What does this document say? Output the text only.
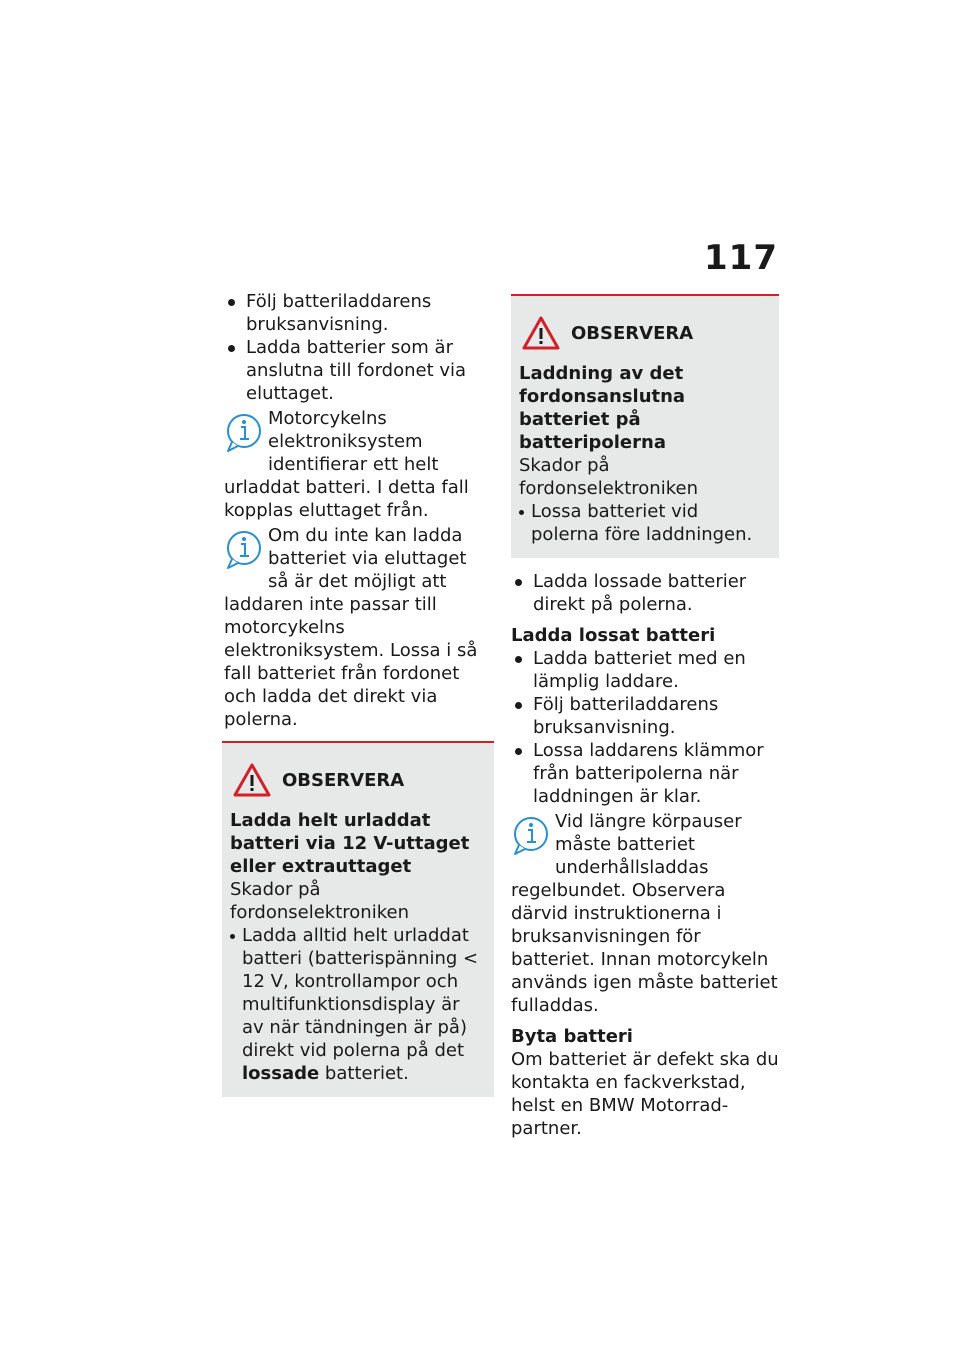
117

Följ batteriladdarens bruksanvisning.

Ladda batterier som är anslutna till fordonet via eluttaget.

Motorcykelns elektroniksystem identifierar ett helt urladdat batteri. I detta fall kopplas eluttaget från.

Om du inte kan ladda batteriet via eluttaget så är det möjligt att laddaren inte passar till motorcykelns elektroniksystem. Lossa i så fall batteriet från fordonet och ladda det direkt via polerna.

OBSERVERA
Ladda helt urladdat batteri via 12 V-uttaget eller extrauttaget
Skador på fordonselektroniken
Ladda alltid helt urladdat batteri (batterispänning < 12 V, kontrollampor och multifunktionsdisplay är av när tändningen är på) direkt vid polerna på det lossade batteriet.
OBSERVERA
Laddning av det fordonsanslutna batteriet på batteripolerna
Skador på fordonselektroniken
Lossa batteriet vid polerna före laddningen.

Ladda lossade batterier direkt på polerna.

Ladda lossat batteri

Ladda batteriet med en lämplig laddare.

Följ batteriladdarens bruksanvisning.

Lossa laddarens klämmor från batteripolerna när laddningen är klar.

Vid längre körpauser måste batteriet underhållsladdas regelbundet. Observera därvid instruktionerna i bruksanvisningen för batteriet. Innan motorcykeln används igen måste batteriet fulladdas.

Byta batteri

Om batteriet är defekt ska du kontakta en fackverkstad, helst en BMW Motorrad-partner.
